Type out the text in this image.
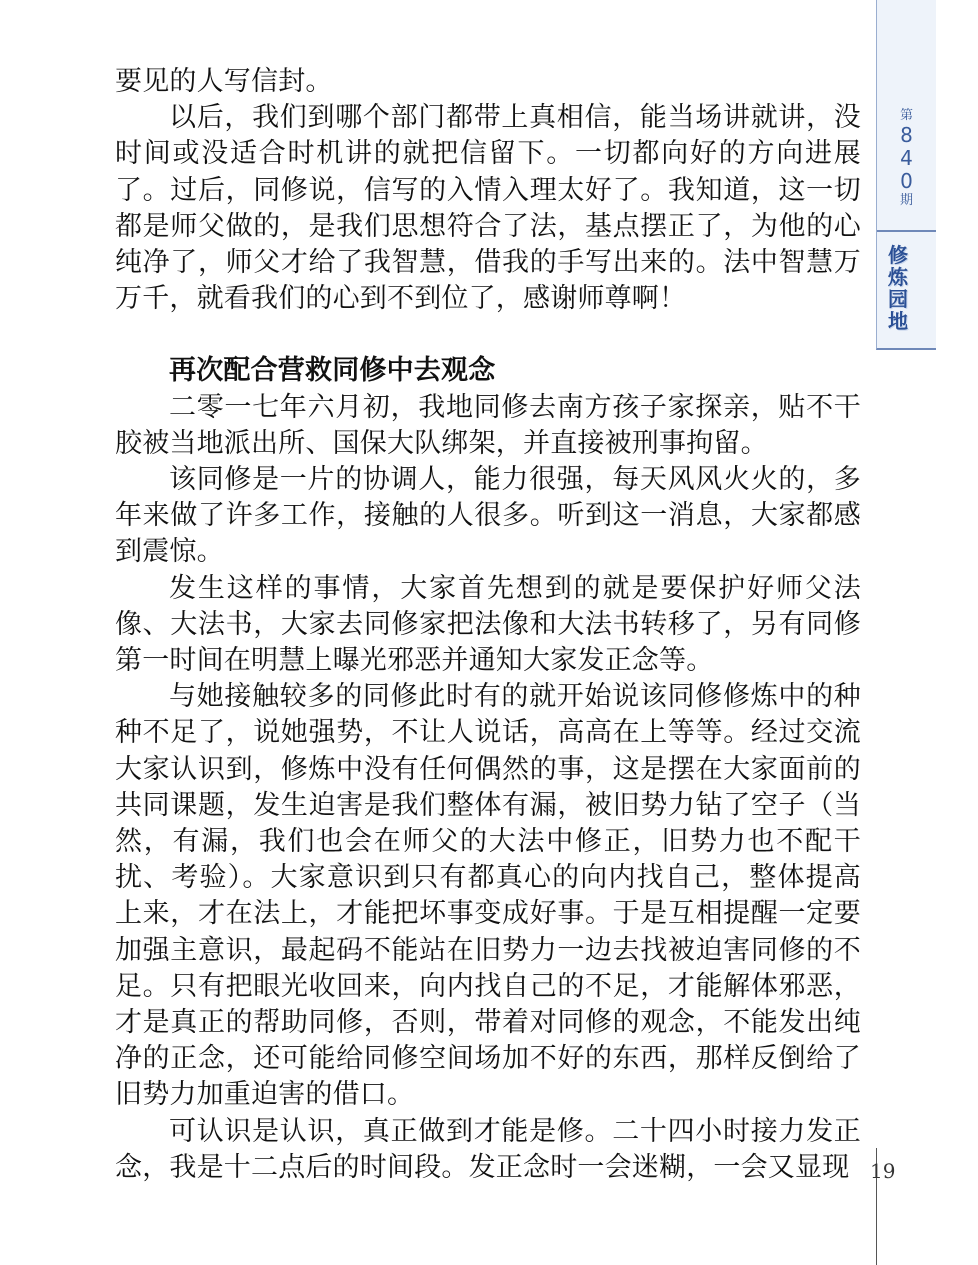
要见的人写信封。

以后，我们到哪个部门都带上真相信，能当场讲就讲，没时间或没适合时机讲的就把信留下。一切都向好的方向进展了。过后，同修说，信写的入情入理太好了。我知道，这一切都是师父做的，是我们思想符合了法，基点摆正了，为他的心纯净了，师父才给了我智慧，借我的手写出来的。法中智慧万万千，就看我们的心到不到位了，感谢师尊啊！

再次配合营救同修中去观念

二零一七年六月初，我地同修去南方孩子家探亲，贴不干胶被当地派出所、国保大队绑架，并直接被刑事拘留。

该同修是一片的协调人，能力很强，每天风风火火的，多年来做了许多工作，接触的人很多。听到这一消息，大家都感到震惊。

发生这样的事情，大家首先想到的就是要保护好师父法像、大法书，大家去同修家把法像和大法书转移了，另有同修第一时间在明慧上曝光邪恶并通知大家发正念等。

与她接触较多的同修此时有的就开始说该同修修炼中的种种不足了，说她强势，不让人说话，高高在上等等。经过交流大家认识到，修炼中没有任何偶然的事，这是摆在大家面前的共同课题，发生迫害是我们整体有漏，被旧势力钻了空子（当然，有漏，我们也会在师父的大法中修正，旧势力也不配干扰、考验）。大家意识到只有都真心的向内找自己，整体提高上来，才在法上，才能把坏事变成好事。于是互相提醒一定要加强主意识，最起码不能站在旧势力一边去找被迫害同修的不足。只有把眼光收回来，向内找自己的不足，才能解体邪恶，才是真正的帮助同修，否则，带着对同修的观念，不能发出纯净的正念，还可能给同修空间场加不好的东西，那样反倒给了旧势力加重迫害的借口。

可认识是认识，真正做到才能是修。二十四小时接力发正念，我是十二点后的时间段。发正念时一会迷糊，一会又显现

第
8
4
0
期
修
炼
园
地
19
